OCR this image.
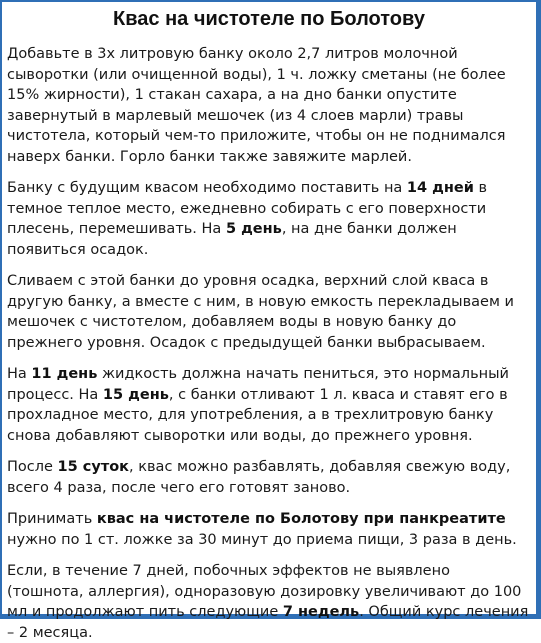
Квас на чистотеле по Болотову

Добавьте в 3х литровую банку около 2,7 литров молочной сыворотки (или очищенной воды), 1 ч. ложку сметаны (не более 15% жирности), 1 стакан сахара, а на дно банки опустите завернутый в марлевый мешочек (из 4 слоев марли) травы чистотела, который чем-то приложите, чтобы он не поднимался наверх банки. Горло банки также завяжите марлей.

Банку с будущим квасом необходимо поставить на 14 дней в темное теплое место, ежедневно собирать с его поверхности плесень, перемешивать. На 5 день, на дне банки должен появиться осадок.

Сливаем с этой банки до уровня осадка, верхний слой кваса в другую банку, а вместе с ним, в новую емкость перекладываем и мешочек с чистотелом, добавляем воды в новую банку до прежнего уровня. Осадок с предыдущей банки выбрасываем.

На 11 день жидкость должна начать пениться, это нормальный процесс. На 15 день, с банки отливают 1 л. кваса и ставят его в прохладное место, для употребления, а в трехлитровую банку снова добавляют сыворотки или воды, до прежнего уровня.

После 15 суток, квас можно разбавлять, добавляя свежую воду, всего 4 раза, после чего его готовят заново.

Принимать квас на чистотеле по Болотову при панкреатите нужно по 1 ст. ложке за 30 минут до приема пищи, 3 раза в день.

Если, в течение 7 дней, побочных эффектов не выявлено (тошнота, аллергия), одноразовую дозировку увеличивают до 100 мл и продолжают пить следующие 7 недель. Общий курс лечения – 2 месяца.
